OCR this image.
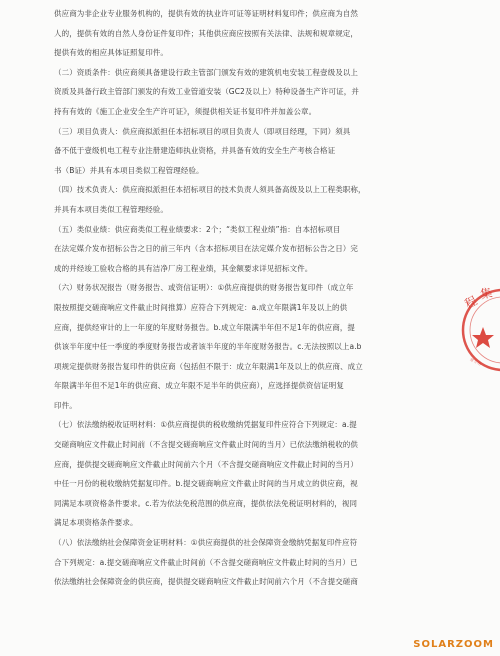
供应商为非企业专业服务机构的，提供有效的执业许可证等证明材料复印件；供应商为自然
人的，提供有效的自然人身份证件复印件；其他供应商应按照有关法律、法规和规章规定，
提供有效的相应具体证照复印件。
（二）资质条件：供应商须具备建设行政主管部门颁发有效的建筑机电安装工程壹级及以上
资质及具备行政主管部门颁发的有效工业管道安装（GC2及以上）特种设备生产许可证，并
持有有效的《施工企业安全生产许可证》，须提供相关证书复印件并加盖公章。
（三）项目负责人：供应商拟派担任本招标项目的项目负责人（即项目经理，下同）须具
备不低于壹级机电工程专业注册建造师执业资格，并具备有效的安全生产考核合格证
书（B证）并具有本项目类似工程管理经验。
（四）技术负责人：供应商拟派担任本招标项目的技术负责人须具备高级及以上工程类职称，
并具有本项目类似工程管理经验。
（五）类似业绩：供应商类似工程业绩要求：2个；“类似工程业绩”指：自本招标项目
在法定媒介发布招标公告之日的前三年内（含本招标项目在法定媒介发布招标公告之日）完
成的并经竣工验收合格的具有洁净厂房工程业绩，其金额要求详见招标文件。
（六）财务状况报告（财务报告、或资信证明）：①供应商提供的财务报告复印件（成立年
限按照提交磋商响应文件截止时间推算）应符合下列规定：a.成立年限满1年及以上的供
应商，提供经审计的上一年度的年度财务报告。b.成立年限满半年但不足1年的供应商，提
供该半年度中任一季度的季度财务报告或者该半年度的半年度财务报告。c.无法按照以上a.b
项规定提供财务报告复印件的供应商（包括但不限于：成立年限满1年及以上的供应商、成立
年限满半年但不足1年的供应商、成立年限不足半年的供应商），应选择提供资信证明复
印件。
（七）依法缴纳税收证明材料：①供应商提供的税收缴纳凭据复印件应符合下列规定：a.提
交磋商响应文件截止时间前（不含提交磋商响应文件截止时间的当月）已依法缴纳税收的供
应商，提供提交磋商响应文件截止时间前六个月（不含提交磋商响应文件截止时间的当月）
中任一月份的税收缴纳凭据复印件。b.提交磋商响应文件截止时间的当月成立的供应商，视
同满足本项资格条件要求。c.若为依法免税范围的供应商，提供依法免税证明材料的，视同
满足本项资格条件要求。
（八）依法缴纳社会保障资金证明材料：①供应商提供的社会保障资金缴纳凭据复印件应符
合下列规定：a.提交磋商响应文件截止时间前（不含提交磋商响应文件截止时间的当月）已
依法缴纳社会保障资金的供应商，提供提交磋商响应文件截止时间前六个月（不含提交磋商
程 集
章专用
SOLARZOOM
